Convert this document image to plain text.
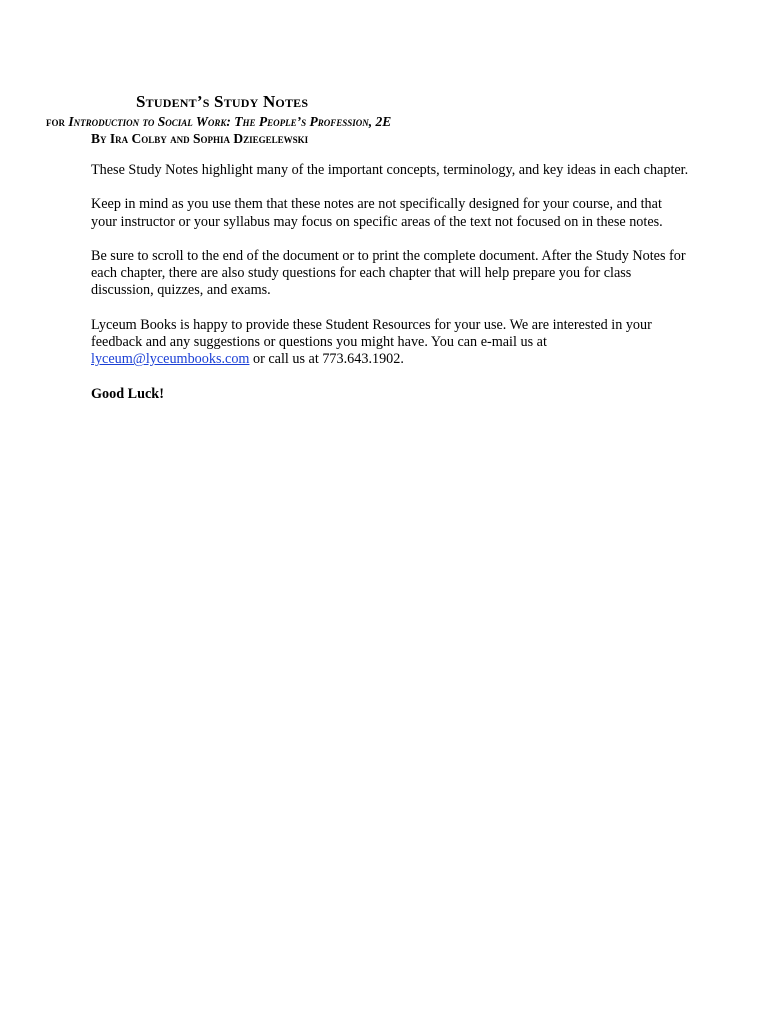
Student’s Study Notes
for Introduction to Social Work: The People’s Profession, 2E
By Ira Colby and Sophia Dziegelewski

These Study Notes highlight many of the important concepts, terminology, and key ideas in each chapter.

Keep in mind as you use them that these notes are not specifically designed for your course, and that your instructor or your syllabus may focus on specific areas of the text not focused on in these notes.

Be sure to scroll to the end of the document or to print the complete document. After the Study Notes for each chapter, there are also study questions for each chapter that will help prepare you for class discussion, quizzes, and exams.

Lyceum Books is happy to provide these Student Resources for your use. We are interested in your feedback and any suggestions or questions you might have. You can e-mail us at lyceum@lyceumbooks.com or call us at 773.643.1902.

Good Luck!
